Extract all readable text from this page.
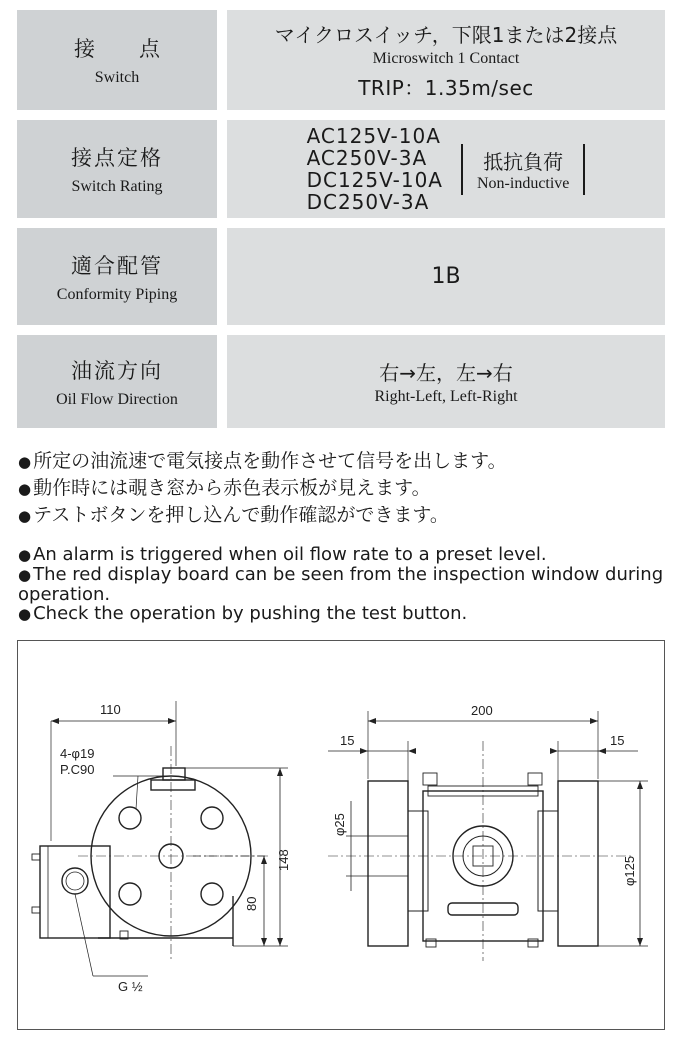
接点
Switch
マイクロスイッチ，下限1または2接点
Microswitch 1 Contact
TRIP：1.35m/sec
接点定格
Switch Rating
AC125V-10A
AC250V-3A
DC125V-10A
DC250V-3A
抵抗負荷
Non-inductive
適合配管
Conformity Piping
1B
油流方向
Oil Flow Direction
右→左，左→右
Right-Left, Left-Right
● 所定の油流速で電気接点を動作させて信号を出します。
● 動作時には覗き窓から赤色表示板が見えます。
● テストボタンを押し込んで動作確認ができます。
● An alarm is triggered when oil flow rate to a preset level.
● The red display board can be seen from the inspection window during operation.
● Check the operation by pushing the test button.
110
4-φ19
P.C90
148
80
G ½
200
15	15
φ25
φ125
